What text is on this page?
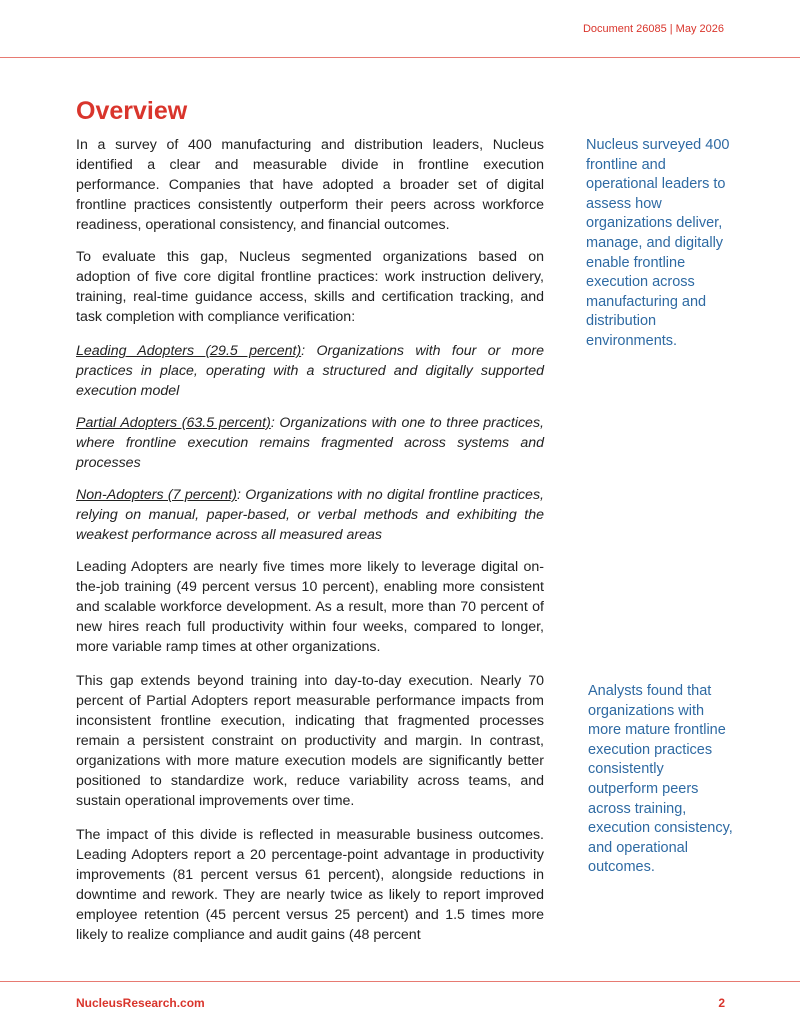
Document 26085 | May 2026
Overview

In a survey of 400 manufacturing and distribution leaders, Nucleus identified a clear and measurable divide in frontline execution performance. Companies that have adopted a broader set of digital frontline practices consistently outperform their peers across workforce readiness, operational consistency, and financial outcomes.

To evaluate this gap, Nucleus segmented organizations based on adoption of five core digital frontline practices: work instruction delivery, training, real-time guidance access, skills and certification tracking, and task completion with compliance verification:

Leading Adopters (29.5 percent): Organizations with four or more practices in place, operating with a structured and digitally supported execution model

Partial Adopters (63.5 percent): Organizations with one to three practices, where frontline execution remains fragmented across systems and processes

Non-Adopters (7 percent): Organizations with no digital frontline practices, relying on manual, paper-based, or verbal methods and exhibiting the weakest performance across all measured areas

Leading Adopters are nearly five times more likely to leverage digital on-the-job training (49 percent versus 10 percent), enabling more consistent and scalable workforce development. As a result, more than 70 percent of new hires reach full productivity within four weeks, compared to longer, more variable ramp times at other organizations.

This gap extends beyond training into day-to-day execution. Nearly 70 percent of Partial Adopters report measurable performance impacts from inconsistent frontline execution, indicating that fragmented processes remain a persistent constraint on productivity and margin. In contrast, organizations with more mature execution models are significantly better positioned to standardize work, reduce variability across teams, and sustain operational improvements over time.

The impact of this divide is reflected in measurable business outcomes. Leading Adopters report a 20 percentage-point advantage in productivity improvements (81 percent versus 61 percent), alongside reductions in downtime and rework. They are nearly twice as likely to report improved employee retention (45 percent versus 25 percent) and 1.5 times more likely to realize compliance and audit gains (48 percent

Nucleus surveyed 400 frontline and operational leaders to assess how organizations deliver, manage, and digitally enable frontline execution across manufacturing and distribution environments.
Analysts found that organizations with more mature frontline execution practices consistently outperform peers across training, execution consistency, and operational outcomes.
NucleusResearch.com	2
